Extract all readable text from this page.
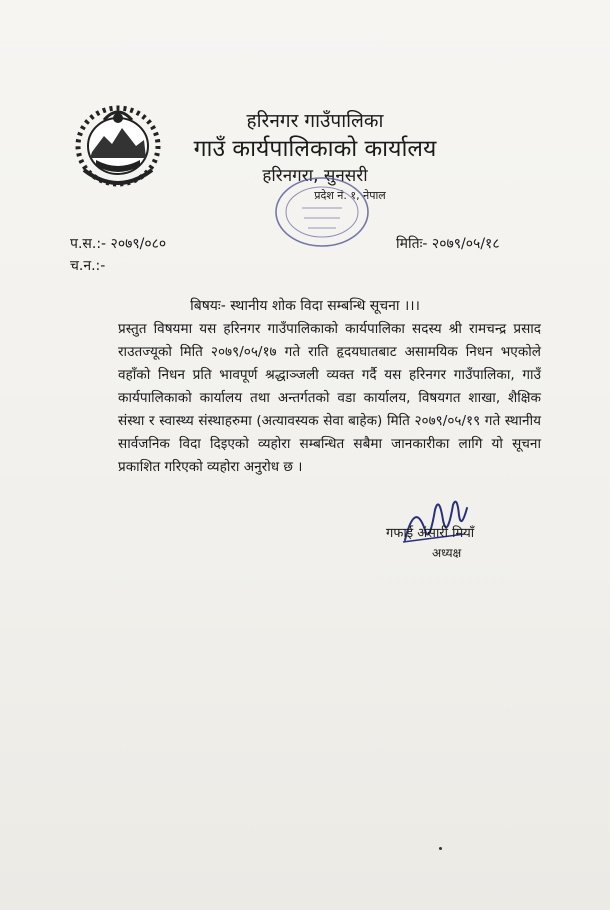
हरिनगर गाउँपालिका
गाउँ कार्यपालिकाको कार्यालय
हरिनगरा, सुनसरी
प्रदेश नं. १, नेपाल
प.स.:- २०७९/०८०
च.न.:-
मितिः- २०७९/०५/१८
बिषयः- स्थानीय शोक विदा सम्बन्धि सूचना ।।।
प्रस्तुत विषयमा यस हरिनगर गाउँपालिकाको कार्यपालिका सदस्य श्री रामचन्द्र प्रसाद राउतज्यूको मिति २०७९/०५/१७ गते राति हृदयघातबाट असामयिक निधन भएकोले वहाँको निधन प्रति भावपूर्ण श्रद्धाञ्जली व्यक्त गर्दै यस हरिनगर गाउँपालिका, गाउँ कार्यपालिकाको कार्यालय तथा अन्तर्गतको वडा कार्यालय, विषयगत शाखा, शैक्षिक संस्था र स्वास्थ्य संस्थाहरुमा (अत्यावस्यक सेवा बाहेक) मिति २०७९/०५/१९ गते स्थानीय सार्वजनिक विदा दिइएको व्यहोरा सम्बन्धित सबैमा जानकारीका लागि यो सूचना प्रकाशित गरिएको व्यहोरा अनुरोध छ ।
गफाई अंसारी मियाँ
अध्यक्ष
